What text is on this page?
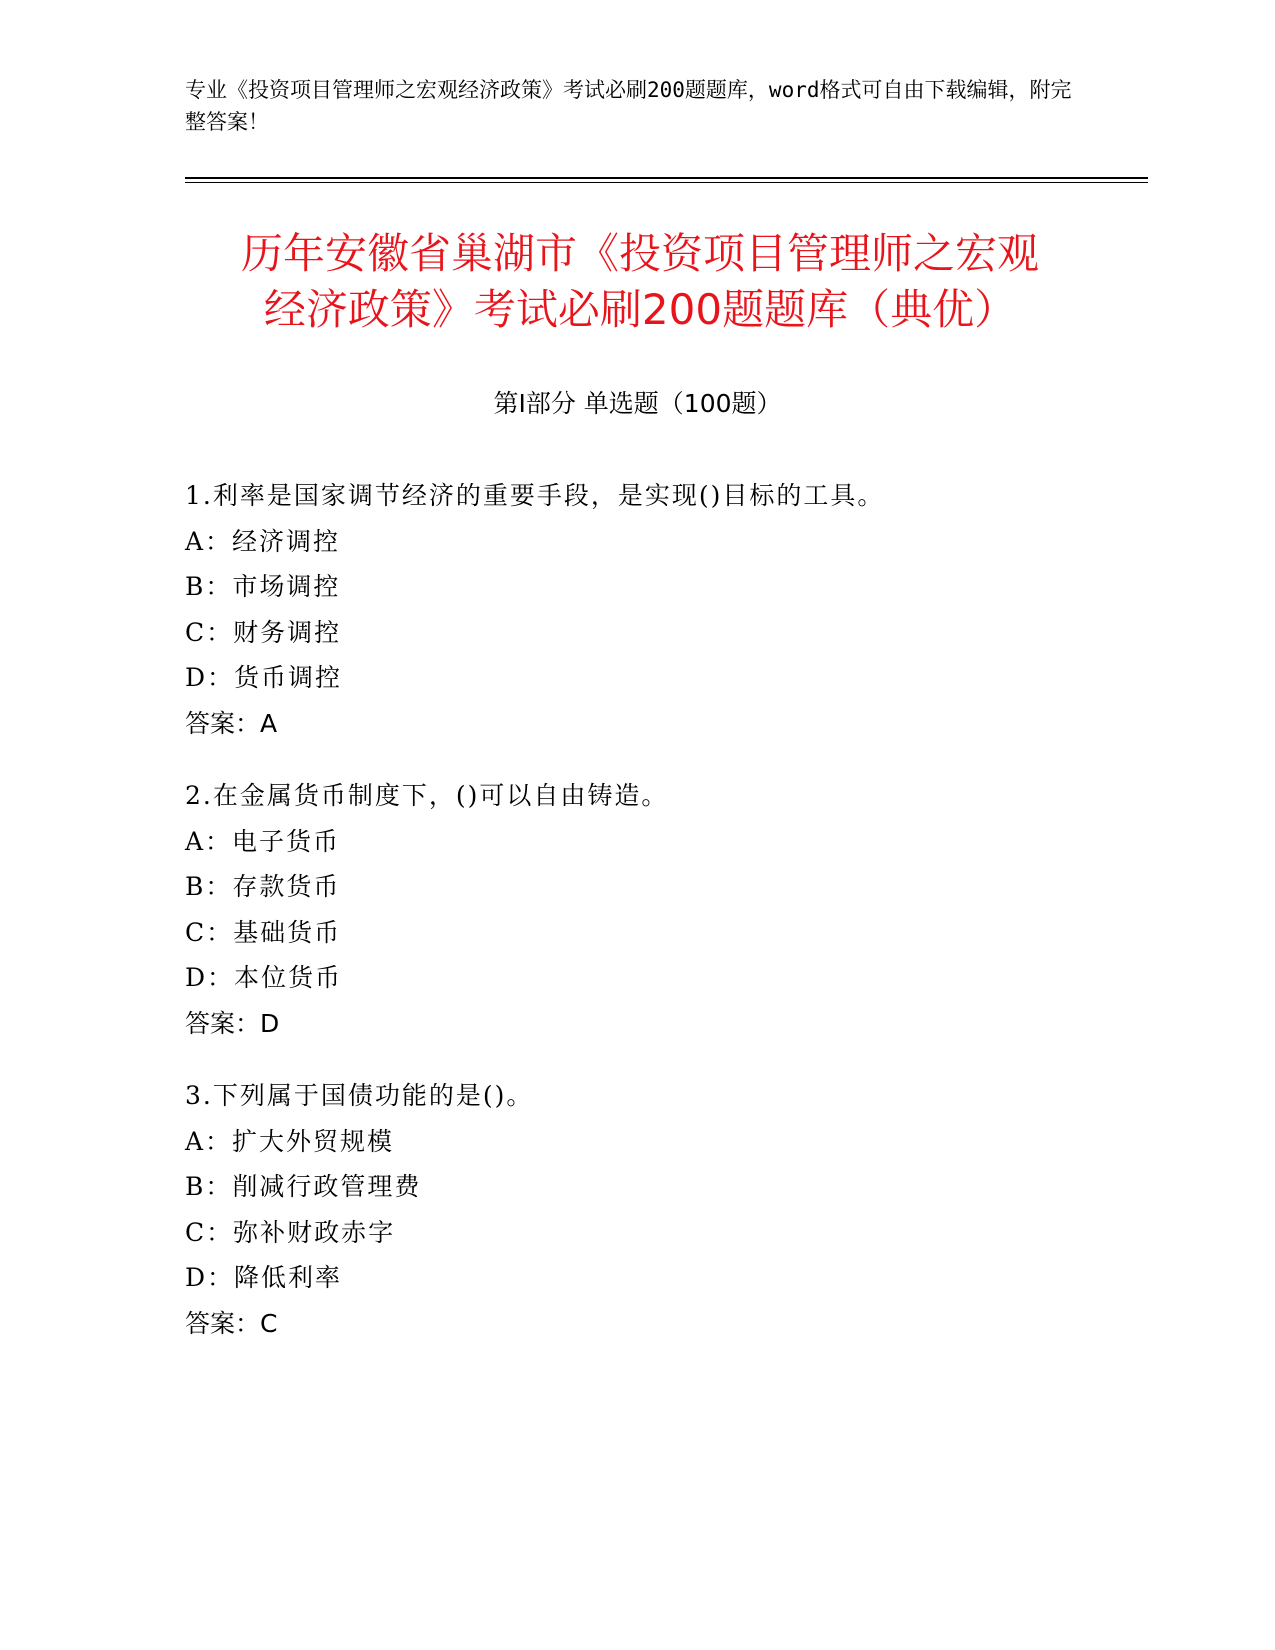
专业《投资项目管理师之宏观经济政策》考试必刷200题题库，word格式可自由下载编辑，附完整答案！
历年安徽省巢湖市《投资项目管理师之宏观
经济政策》考试必刷200题题库（典优）
第Ⅰ部分 单选题（100题）
1.利率是国家调节经济的重要手段，是实现()目标的工具。
A：经济调控
B：市场调控
C：财务调控
D：货币调控
答案：A
2.在金属货币制度下，()可以自由铸造。
A：电子货币
B：存款货币
C：基础货币
D：本位货币
答案：D
3.下列属于国债功能的是()。
A：扩大外贸规模
B：削减行政管理费
C：弥补财政赤字
D：降低利率
答案：C
